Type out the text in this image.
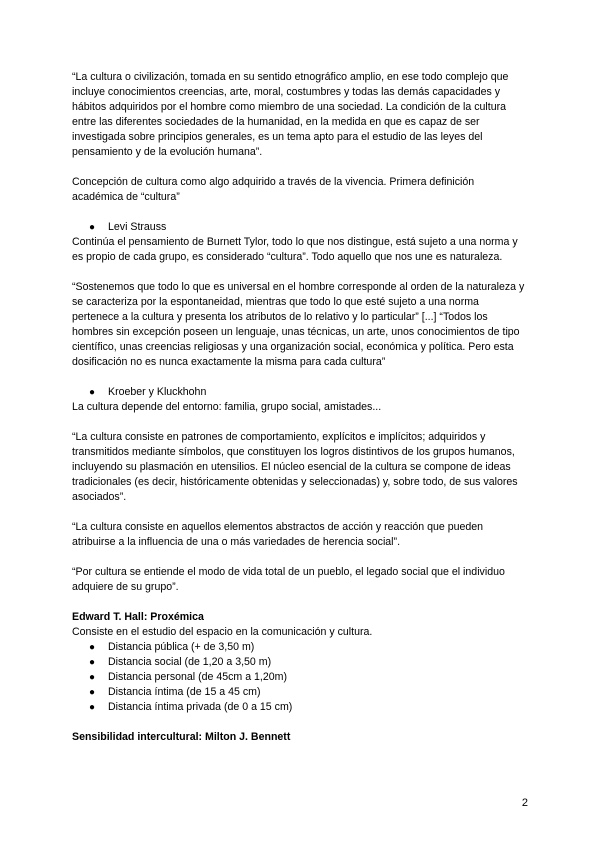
“La cultura o civilización, tomada en su sentido etnográfico amplio, en ese todo complejo que incluye conocimientos creencias, arte, moral, costumbres y todas las demás capacidades y hábitos adquiridos por el hombre como miembro de una sociedad. La condición de la cultura entre las diferentes sociedades de la humanidad, en la medida en que es capaz de ser investigada sobre principios generales, es un tema apto para el estudio de las leyes del pensamiento y de la evolución humana”.

Concepción de cultura como algo adquirido a través de la vivencia. Primera definición académica de “cultura”

● Levi Strauss

Continúa el pensamiento de Burnett Tylor, todo lo que nos distingue, está sujeto a una norma y es propio de cada grupo, es considerado “cultura”. Todo aquello que nos une es naturaleza.

“Sostenemos que todo lo que es universal en el hombre corresponde al orden de la naturaleza y se caracteriza por la espontaneidad, mientras que todo lo que esté sujeto a una norma pertenece a la cultura y presenta los atributos de lo relativo y lo particular” [...] “Todos los hombres sin excepción poseen un lenguaje, unas técnicas, un arte, unos conocimientos de tipo científico, unas creencias religiosas y una organización social, económica y política. Pero esta dosificación no es nunca exactamente la misma para cada cultura”

● Kroeber y Kluckhohn

La cultura depende del entorno: familia, grupo social, amistades...

“La cultura consiste en patrones de comportamiento, explícitos e implícitos; adquiridos y transmitidos mediante símbolos, que constituyen los logros distintivos de los grupos humanos, incluyendo su plasmación en utensilios. El núcleo esencial de la cultura se compone de ideas tradicionales (es decir, históricamente obtenidas y seleccionadas) y, sobre todo, de sus valores asociados”.

“La cultura consiste en aquellos elementos abstractos de acción y reacción que pueden atribuirse a la influencia de una o más variedades de herencia social”.

“Por cultura se entiende el modo de vida total de un pueblo, el legado social que el individuo adquiere de su grupo”.

Edward T. Hall: Proxémica

Consiste en el estudio del espacio en la comunicación y cultura.

● Distancia pública (+ de 3,50 m)
● Distancia social (de 1,20 a 3,50 m)
● Distancia personal (de 45cm a 1,20m)
● Distancia íntima (de 15 a 45 cm)
● Distancia íntima privada (de 0 a 15 cm)

Sensibilidad intercultural: Milton J. Bennett

2
